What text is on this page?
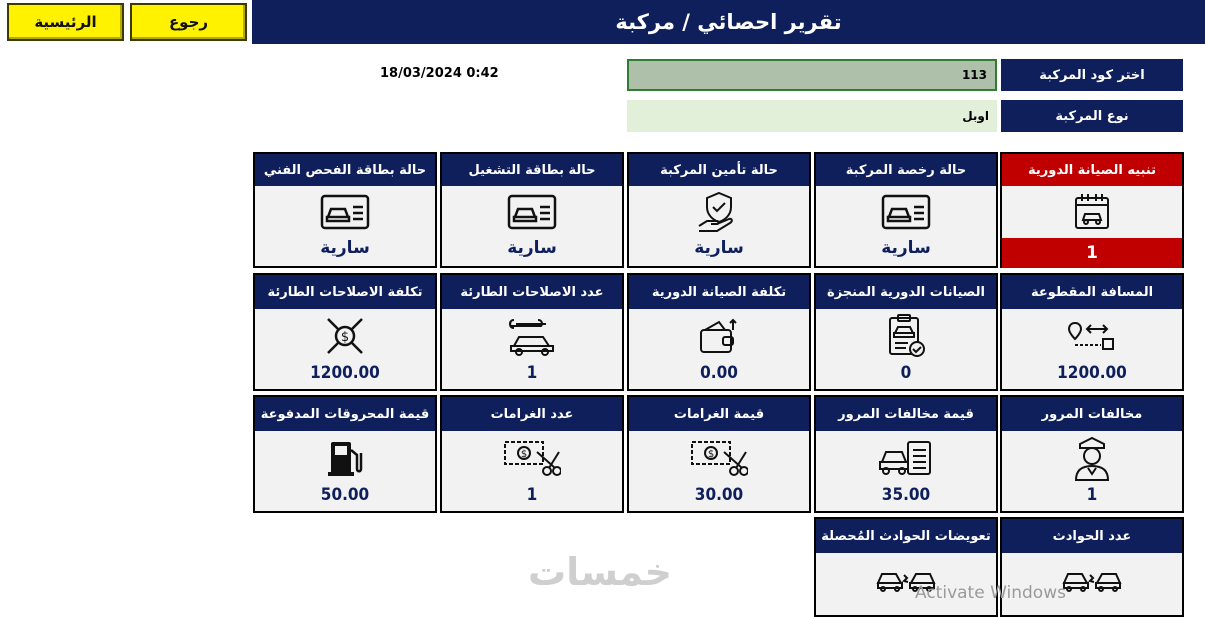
تقرير احصائي / مركبة
الرئيسية	رجوع
18/03/2024 0:42	اختر كود المركبة
113
نوع المركبة
اوبل
تنبيه الصيانة الدورية
1
حالة رخصة المركبة
سارية
حالة تأمين المركبة
سارية
حالة بطاقة التشغيل
سارية
حالة بطاقة الفحص الفني
سارية
المسافة المقطوعة
1200.00
الصيانات الدورية المنجزة
0
تكلفة الصيانة الدورية
0.00
عدد الاصلاحات الطارئة
1
تكلفة الاصلاحات الطارئة
$
1200.00
مخالفات المرور
1
قيمة مخالفات المرور
35.00
قيمة الغرامات
$
30.00
عدد الغرامات
$
1
قيمة المحروقات المدفوعة
50.00
عدد الحوادث
تعويضات الحوادث المُحصلة
خمسات	Activate Windows
